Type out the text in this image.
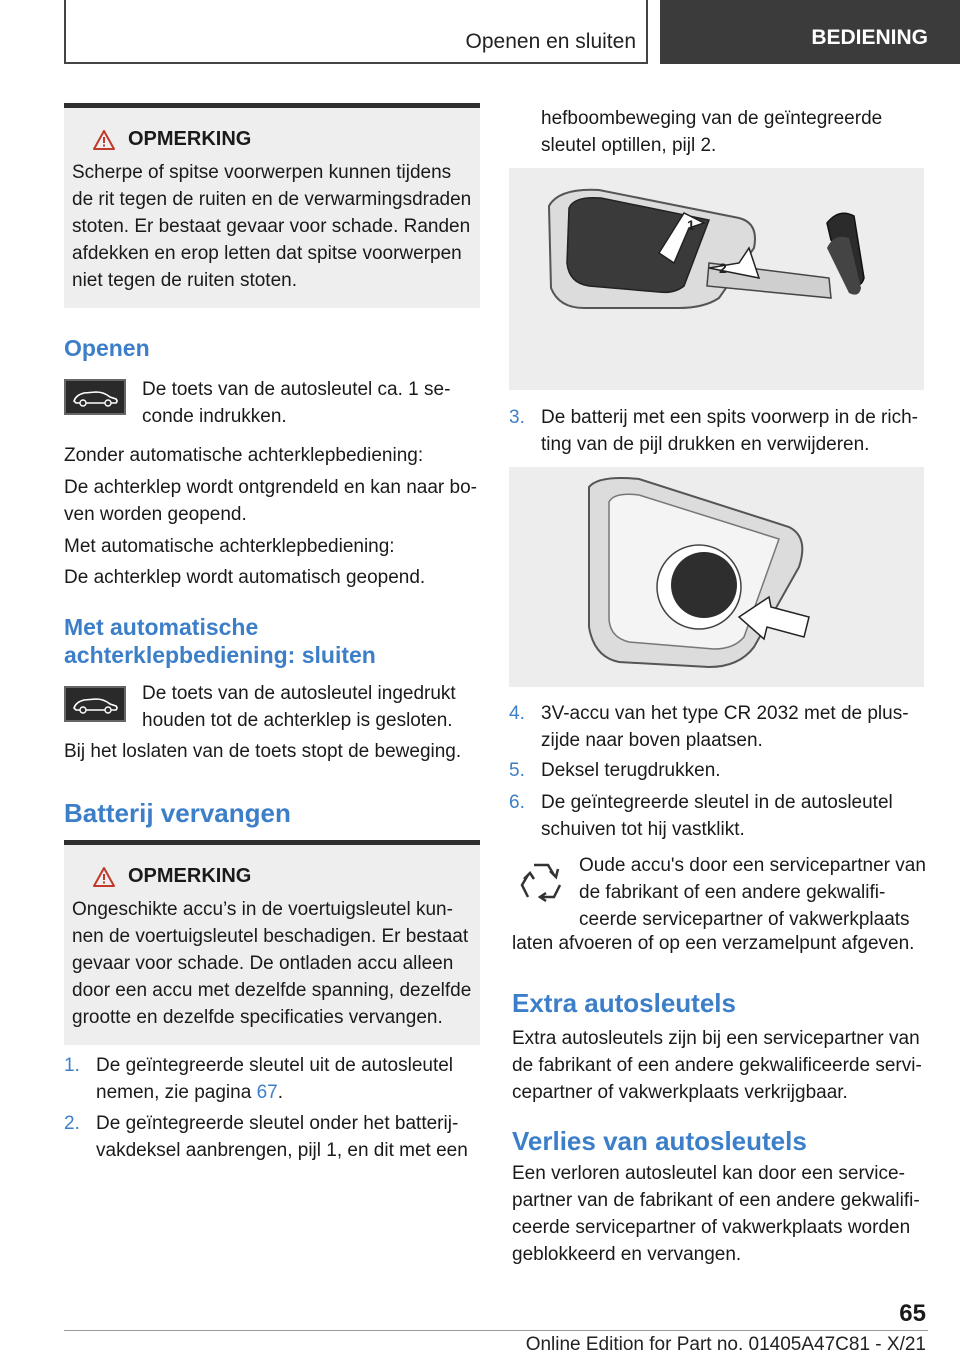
Openen en sluiten	BEDIENING
OPMERKING
Scherpe of spitse voorwerpen kunnen tijdens de rit tegen de ruiten en de verwarmingsdraden stoten. Er bestaat gevaar voor schade. Randen afdekken en erop letten dat spitse voorwerpen niet tegen de ruiten stoten.
Openen
De toets van de autosleutel ca. 1 se-conde indrukken.
Zonder automatische achterklepbediening:
De achterklep wordt ontgrendeld en kan naar bo-ven worden geopend.
Met automatische achterklepbediening:
De achterklep wordt automatisch geopend.
Met automatische
achterklepbediening: sluiten
De toets van de autosleutel ingedrukt houden tot de achterklep is gesloten.
Bij het loslaten van de toets stopt de beweging.
Batterij vervangen
OPMERKING
Ongeschikte accu’s in de voertuigsleutel kun-nen de voertuigsleutel beschadigen. Er bestaat gevaar voor schade. De ontladen accu alleen door een accu met dezelfde spanning, dezelfde grootte en dezelfde specificaties vervangen.
1. De geïntegreerde sleutel uit de autosleutel nemen, zie pagina 67.
2. De geïntegreerde sleutel onder het batterij-vakdeksel aanbrengen, pijl 1, en dit met een
hefboombeweging van de geïntegreerde sleutel optillen, pijl 2.
1
2
3. De batterij met een spits voorwerp in de rich-ting van de pijl drukken en verwijderen.
4. 3V-accu van het type CR 2032 met de plus-zijde naar boven plaatsen.
5. Deksel terugdrukken.
6. De geïntegreerde sleutel in de autosleutel schuiven tot hij vastklikt.
Oude accu's door een servicepartner van de fabrikant of een andere gekwalifi-ceerde servicepartner of vakwerkplaats
laten afvoeren of op een verzamelpunt afgeven.
Extra autosleutels
Extra autosleutels zijn bij een servicepartner van de fabrikant of een andere gekwalificeerde servi-cepartner of vakwerkplaats verkrijgbaar.
Verlies van autosleutels
Een verloren autosleutel kan door een service-partner van de fabrikant of een andere gekwalifi-ceerde servicepartner of vakwerkplaats worden geblokkeerd en vervangen.
65
Online Edition for Part no. 01405A47C81 - X/21
